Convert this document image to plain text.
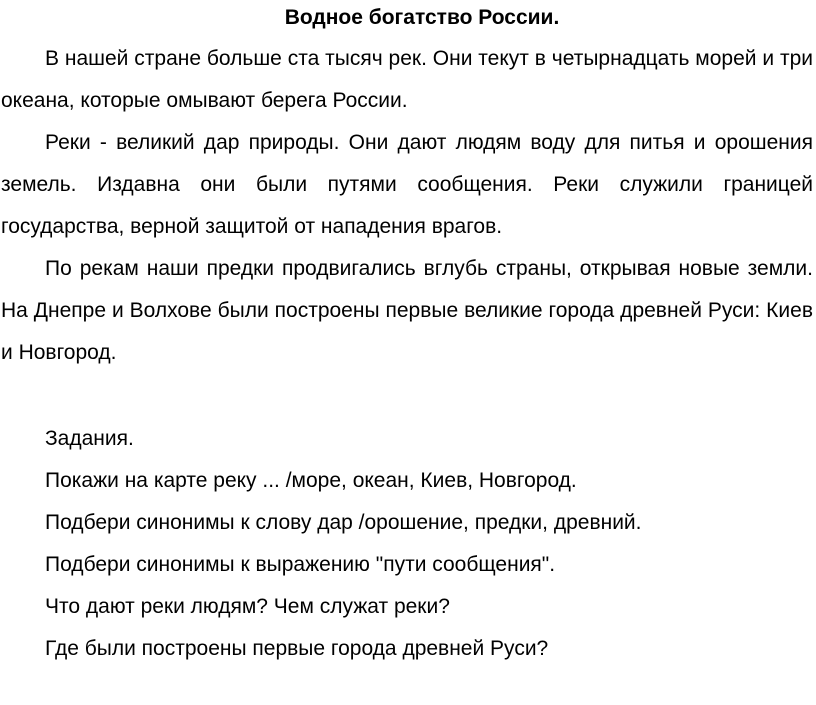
Водное богатство России.

В нашей стране больше ста тысяч рек. Они текут в четырнадцать морей и три океана, которые омывают берега России.

Реки - великий дар природы. Они дают людям воду для питья и орошения земель. Издавна они были путями сообщения. Реки служили границей государства, верной защитой от нападения врагов.

По рекам наши предки продвигались вглубь страны, открывая новые земли. На Днепре и Волхове были построены первые великие города древней Руси: Киев и Новгород.

Задания.
Покажи на карте реку ... /море, океан, Киев, Новгород.
Подбери синонимы к слову дар /орошение, предки, древний.
Подбери синонимы к выражению "пути сообщения".
Что дают реки людям? Чем служат реки?
Где были построены первые города древней Руси?
